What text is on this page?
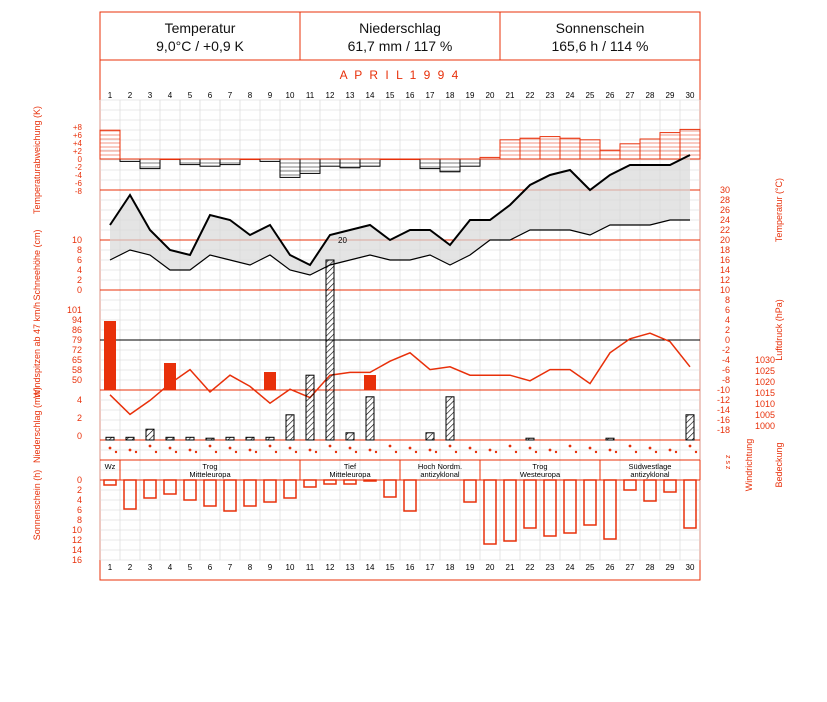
Temperatur
9,0°C / +0,9 K
Niederschlag
61,7 mm / 117 %
Sonnenschein
165,6 h / 114 %
A P R I L 1 9 9 4
1
1
2
2
3
3
4
4
5
5
6
6
7
7
8
8
9
9
10
10
11
11
12
12
13
13
14
14
15
15
16
16
17
17
18
18
19
19
20
20
21
21
22
22
23
23
24
24
25
25
26
26
27
27
28
28
29
29
30
30
+8
+6
+4
+2
0
-2
-4
-6
-8	30
28
26
24
22
20
18
16
14
12
10
8
6
4
2
0
-2
-4
-6
-8
-10
-12
-14
-16
-18
10
8
6
4
2
0
1030
1025
1020
1015
1010
1005
1000
101
94
86
79
72
65
58
50
4
2
0
20
z s z
Wz	Trog
Mitteleuropa
Tief
Mitteleuropa
Hoch Nordm.
antizyklonal
Trog
Westeuropa
Südwestlage
antizyklonal
0
2
4
6
8
10
12
14
16
Temperaturabweichung (K)
Schneehöhe (cm)
Windspitzen ab 47 km/h
Niederschlag (mm)
Sonnenschein (h)
Temperatur (°C)
Luftdruck (hPa)
Windrichtung Bedeckung
